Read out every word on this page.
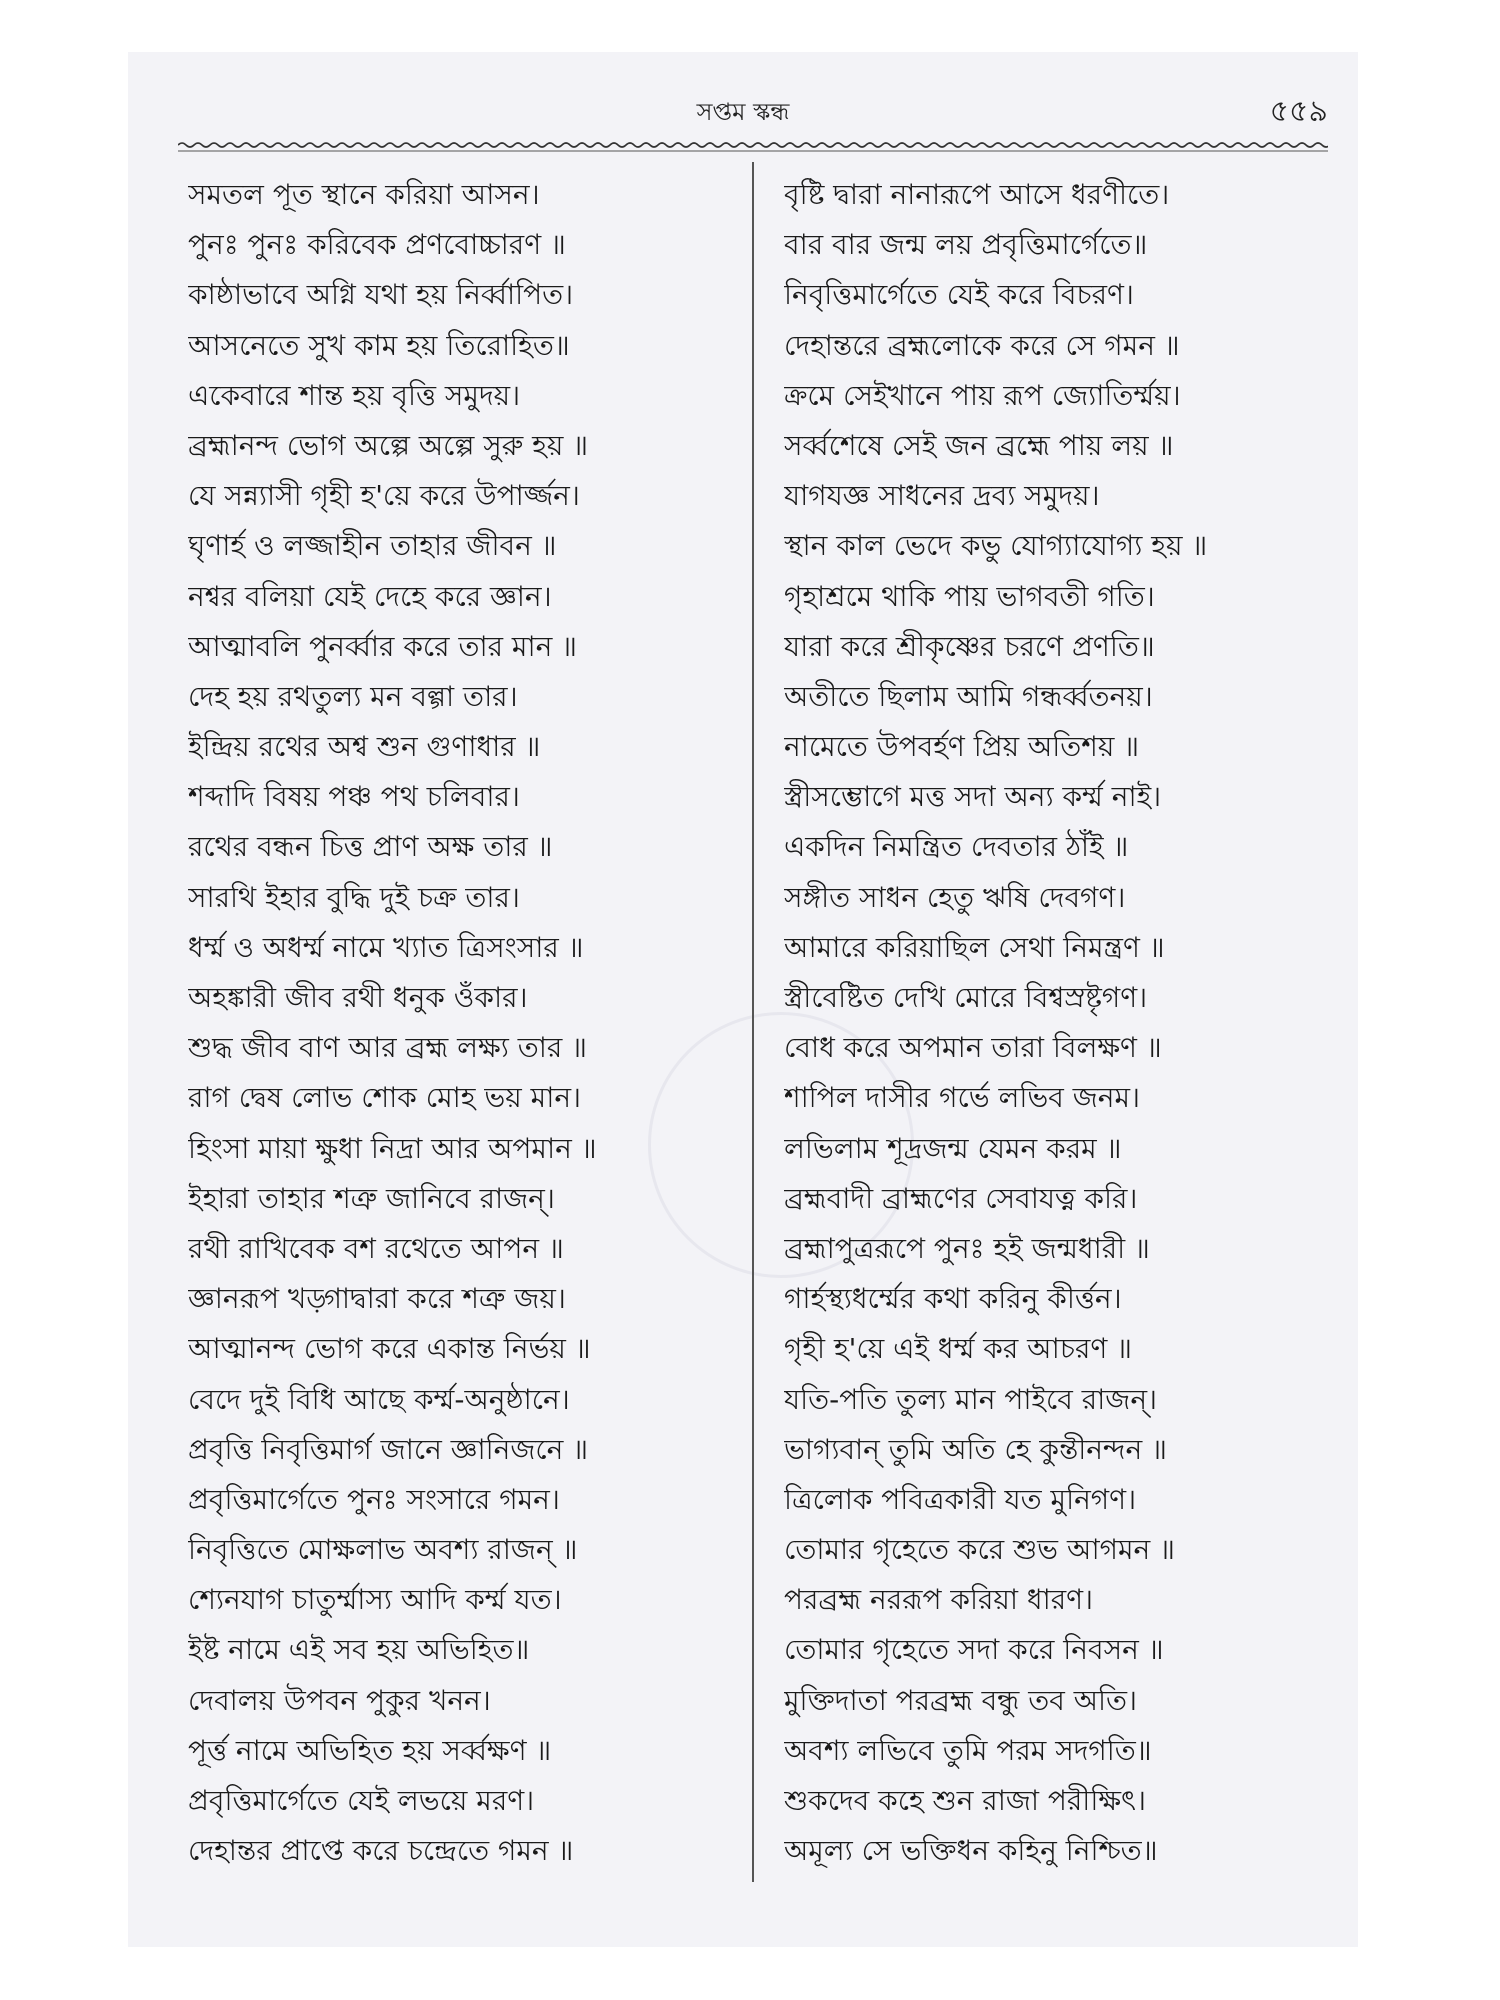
সপ্তম স্কন্ধ	৫৫৯
সমতল পূত স্থানে করিয়া আসন।
পুনঃ পুনঃ করিবেক প্রণবোচ্চারণ ॥
কাষ্ঠাভাবে অগ্নি যথা হয় নির্ব্বাপিত।
আসনেতে সুখ কাম হয় তিরোহিত॥
একেবারে শান্ত হয় বৃত্তি সমুদয়।
ব্রহ্মানন্দ ভোগ অল্পে অল্পে সুরু হয় ॥
যে সন্ন্যাসী গৃহী হ'য়ে করে উপার্জ্জন।
ঘৃণার্হ ও লজ্জাহীন তাহার জীবন ॥
নশ্বর বলিয়া যেই দেহে করে জ্ঞান।
আত্মাবলি পুনর্ব্বার করে তার মান ॥
দেহ হয় রথতুল্য মন বল্গা তার।
ইন্দ্রিয় রথের অশ্ব শুন গুণাধার ॥
শব্দাদি বিষয় পঞ্চ পথ চলিবার।
রথের বন্ধন চিত্ত প্রাণ অক্ষ তার ॥
সারথি ইহার বুদ্ধি দুই চক্র তার।
ধর্ম্ম ও অধর্ম্ম নামে খ্যাত ত্রিসংসার ॥
অহঙ্কারী জীব রথী ধনুক ওঁকার।
শুদ্ধ জীব বাণ আর ব্রহ্ম লক্ষ্য তার ॥
রাগ দ্বেষ লোভ শোক মোহ ভয় মান।
হিংসা মায়া ক্ষুধা নিদ্রা আর অপমান ॥
ইহারা তাহার শত্রু জানিবে রাজন্।
রথী রাখিবেক বশ রথেতে আপন ॥
জ্ঞানরূপ খড়্গাদ্বারা করে শত্রু জয়।
আত্মানন্দ ভোগ করে একান্ত নির্ভয় ॥
বেদে দুই বিধি আছে কর্ম্ম-অনুষ্ঠানে।
প্রবৃত্তি নিবৃত্তিমার্গ জানে জ্ঞানিজনে ॥
প্রবৃত্তিমার্গেতে পুনঃ সংসারে গমন।
নিবৃত্তিতে মোক্ষলাভ অবশ্য রাজন্ ॥
শ্যেনযাগ চাতুর্ম্মাস্য আদি কর্ম্ম যত।
ইষ্ট নামে এই সব হয় অভিহিত॥
দেবালয় উপবন পুকুর খনন।
পূর্ত্ত নামে অভিহিত হয় সর্ব্বক্ষণ ॥
প্রবৃত্তিমার্গেতে যেই লভয়ে মরণ।
দেহান্তর প্রাপ্তে করে চন্দ্রেতে গমন ॥
বৃষ্টি দ্বারা নানারূপে আসে ধরণীতে।
বার বার জন্ম লয় প্রবৃত্তিমার্গেতে॥
নিবৃত্তিমার্গেতে যেই করে বিচরণ।
দেহান্তরে ব্রহ্মলোকে করে সে গমন ॥
ক্রমে সেইখানে পায় রূপ জ্যোতির্ম্ময়।
সর্ব্বশেষে সেই জন ব্রহ্মে পায় লয় ॥
যাগযজ্ঞ সাধনের দ্রব্য সমুদয়।
স্থান কাল ভেদে কভু যোগ্যাযোগ্য হয় ॥
গৃহাশ্রমে থাকি পায় ভাগবতী গতি।
যারা করে শ্রীকৃষ্ণের চরণে প্রণতি॥
অতীতে ছিলাম আমি গন্ধর্ব্বতনয়।
নামেতে উপবর্হণ প্রিয় অতিশয় ॥
স্ত্রীসম্ভোগে মত্ত সদা অন্য কর্ম্ম নাই।
একদিন নিমন্ত্রিত দেবতার ঠাঁই ॥
সঙ্গীত সাধন হেতু ঋষি দেবগণ।
আমারে করিয়াছিল সেথা নিমন্ত্রণ ॥
স্ত্রীবেষ্টিত দেখি মোরে বিশ্বস্রষ্টৃগণ।
বোধ করে অপমান তারা বিলক্ষণ ॥
শাপিল দাসীর গর্ভে লভিব জনম।
লভিলাম শূদ্রজন্ম যেমন করম ॥
ব্রহ্মবাদী ব্রাহ্মণের সেবাযত্ন করি।
ব্রহ্মাপুত্ররূপে পুনঃ হই জন্মধারী ॥
গার্হস্থ্যধর্ম্মের কথা করিনু কীর্ত্তন।
গৃহী হ'য়ে এই ধর্ম্ম কর আচরণ ॥
যতি-পতি তুল্য মান পাইবে রাজন্।
ভাগ্যবান্ তুমি অতি হে কুন্তীনন্দন ॥
ত্রিলোক পবিত্রকারী যত মুনিগণ।
তোমার গৃহেতে করে শুভ আগমন ॥
পরব্রহ্ম নররূপ করিয়া ধারণ।
তোমার গৃহেতে সদা করে নিবসন ॥
মুক্তিদাতা পরব্রহ্ম বন্ধু তব অতি।
অবশ্য লভিবে তুমি পরম সদগতি॥
শুকদেব কহে শুন রাজা পরীক্ষিৎ।
অমূল্য সে ভক্তিধন কহিনু নিশ্চিত॥
